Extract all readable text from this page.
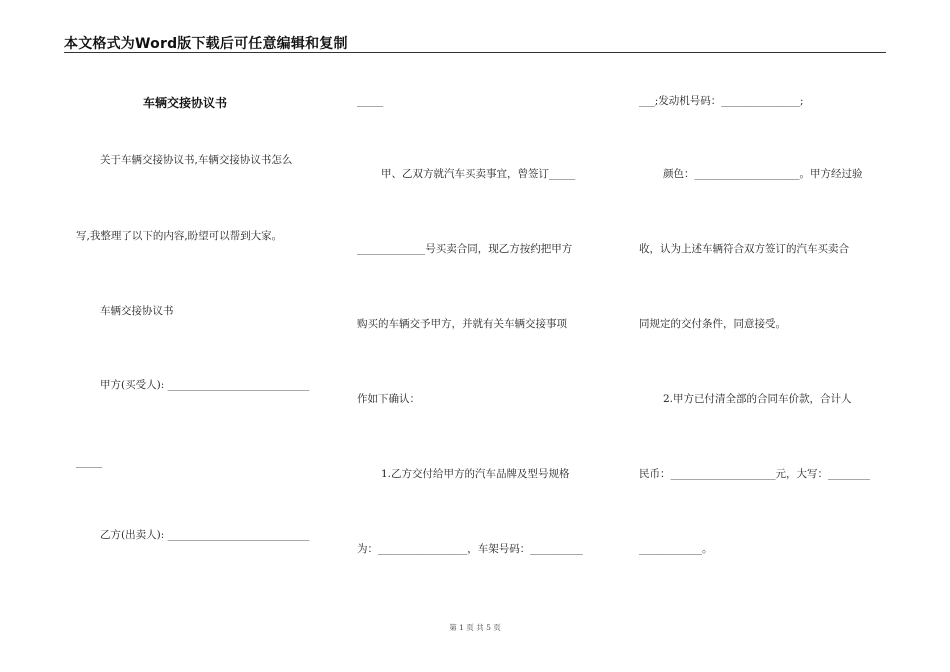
本文格式为Word版下载后可任意编辑和复制
车辆交接协议书
关于车辆交接协议书,车辆交接协议书怎么
写,我整理了以下的内容,盼望可以帮到大家。
车辆交接协议书
甲方(买受人): ___________________________
_____
乙方(出卖人): ___________________________
_____
甲、乙双方就汽车买卖事宜，曾签订_____
_____________号买卖合同，现乙方按约把甲方
购买的车辆交予甲方，并就有关车辆交接事项
作如下确认：
1.乙方交付给甲方的汽车品牌及型号规格
为：_________________，车架号码：__________
___;发动机号码：_______________;
颜色：____________________。甲方经过验
收，认为上述车辆符合双方签订的汽车买卖合
同规定的交付条件，同意接受。
2.甲方已付清全部的合同车价款，合计人
民币：____________________元，大写：________
____________。
第 1 页 共 5 页
